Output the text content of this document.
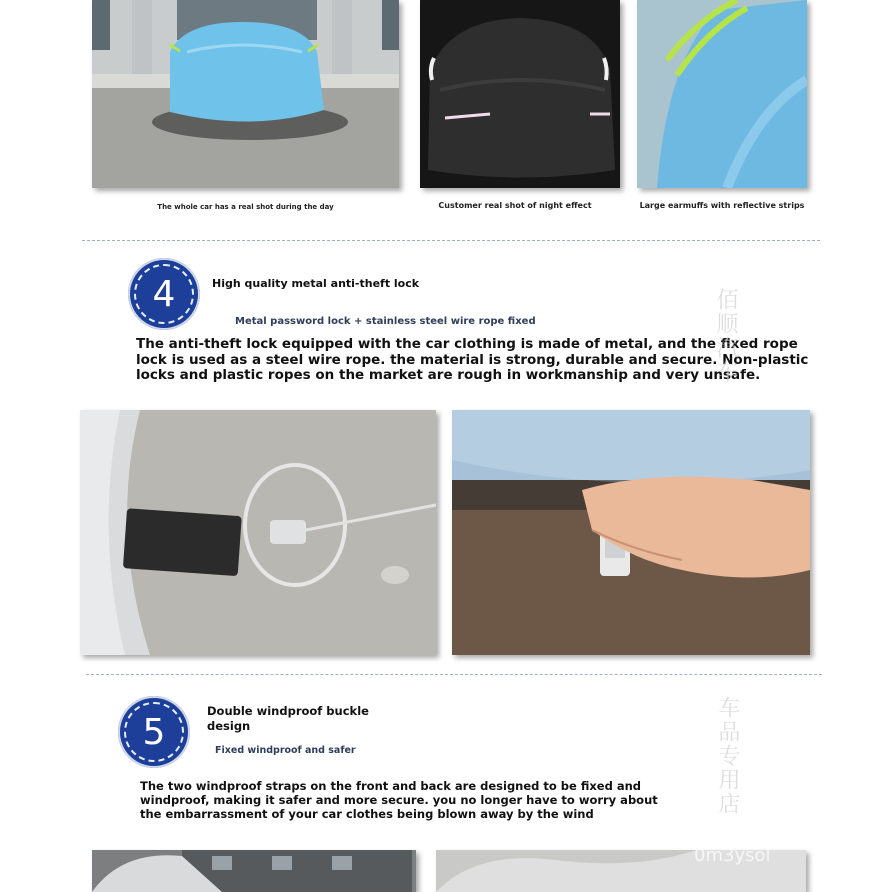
The whole car has a real shot during the day	Customer real shot of night effect	Large earmuffs with reflective strips
4	High quality metal anti-theft lock
Metal password lock + stainless steel wire rope fixed
The anti-theft lock equipped with the car clothing is made of metal, and the fixed rope lock is used as a steel wire rope. the material is strong, durable and secure. Non-plastic locks and plastic ropes on the market are rough in workmanship and very unsafe.
佰顺汽车
5
Double windproof buckle design
Fixed windproof and safer
The two windproof straps on the front and back are designed to be fixed and windproof, making it safer and more secure. you no longer have to worry about the embarrassment of your car clothes being blown away by the wind	车品专用店
0m3ysol
